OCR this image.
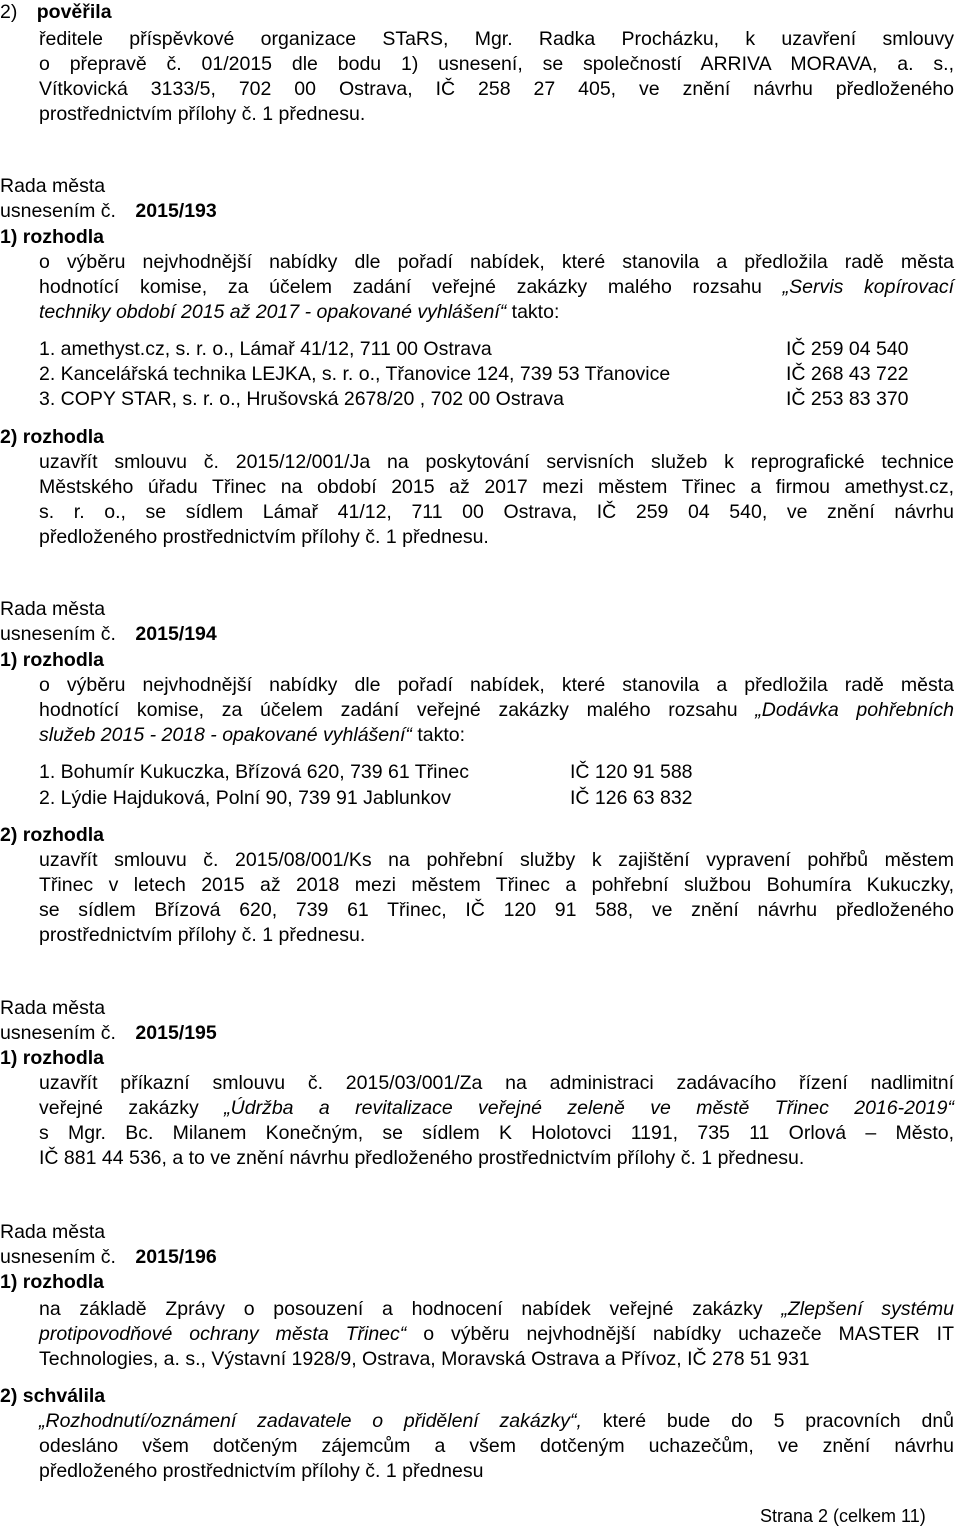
2) pověřila
ředitele příspěvkové organizace STaRS, Mgr. Radka Procházku, k uzavření smlouvy
o přepravě č. 01/2015 dle bodu 1) usnesení, se společností ARRIVA MORAVA, a. s.,
Vítkovická 3133/5, 702 00 Ostrava, IČ 258 27 405, ve znění návrhu předloženého
prostřednictvím přílohy č. 1 přednesu.
Rada města
usnesením č. 2015/193
1) rozhodla
o výběru nejvhodnější nabídky dle pořadí nabídek, které stanovila a předložila radě města
hodnotící komise, za účelem zadání veřejné zakázky malého rozsahu „Servis kopírovací
techniky období 2015 až 2017 - opakované vyhlášení“ takto:
1. amethyst.cz, s. r. o., Lámař 41/12, 711 00 Ostrava	IČ 259 04 540
2. Kancelářská technika LEJKA, s. r. o., Třanovice 124, 739 53 Třanovice	IČ 268 43 722
3. COPY STAR, s. r. o., Hrušovská 2678/20 , 702 00 Ostrava	IČ 253 83 370
2) rozhodla
uzavřít smlouvu č. 2015/12/001/Ja na poskytování servisních služeb k reprografické technice
Městského úřadu Třinec na období 2015 až 2017 mezi městem Třinec a firmou amethyst.cz,
s. r. o., se sídlem Lámař 41/12, 711 00 Ostrava, IČ 259 04 540, ve znění návrhu
předloženého prostřednictvím přílohy č. 1 přednesu.
Rada města
usnesením č. 2015/194
1) rozhodla
o výběru nejvhodnější nabídky dle pořadí nabídek, které stanovila a předložila radě města
hodnotící komise, za účelem zadání veřejné zakázky malého rozsahu „Dodávka pohřebních
služeb 2015 - 2018 - opakované vyhlášení“ takto:
1. Bohumír Kukuczka, Břízová 620, 739 61 Třinec	IČ 120 91 588
2. Lýdie Hajduková, Polní 90, 739 91 Jablunkov	IČ 126 63 832
2) rozhodla
uzavřít smlouvu č. 2015/08/001/Ks na pohřební služby k zajištění vypravení pohřbů městem
Třinec v letech 2015 až 2018 mezi městem Třinec a pohřební službou Bohumíra Kukuczky,
se sídlem Břízová 620, 739 61 Třinec, IČ 120 91 588, ve znění návrhu předloženého
prostřednictvím přílohy č. 1 přednesu.
Rada města
usnesením č. 2015/195
1) rozhodla
uzavřít příkazní smlouvu č. 2015/03/001/Za na administraci zadávacího řízení nadlimitní
veřejné zakázky „Údržba a revitalizace veřejné zeleně ve městě Třinec 2016-2019“
s Mgr. Bc. Milanem Konečným, se sídlem K Holotovci 1191, 735 11 Orlová – Město,
IČ 881 44 536, a to ve znění návrhu předloženého prostřednictvím přílohy č. 1 přednesu.
Rada města
usnesením č. 2015/196
1) rozhodla
na základě Zprávy o posouzení a hodnocení nabídek veřejné zakázky „Zlepšení systému
protipovodňové ochrany města Třinec“ o výběru nejvhodnější nabídky uchazeče MASTER IT
Technologies, a. s., Výstavní 1928/9, Ostrava, Moravská Ostrava a Přívoz, IČ 278 51 931
2) schválila
„Rozhodnutí/oznámení zadavatele o přidělení zakázky“, které bude do 5 pracovních dnů
odesláno všem dotčeným zájemcům a všem dotčeným uchazečům, ve znění návrhu
předloženého prostřednictvím přílohy č. 1 přednesu
Strana 2 (celkem 11)
